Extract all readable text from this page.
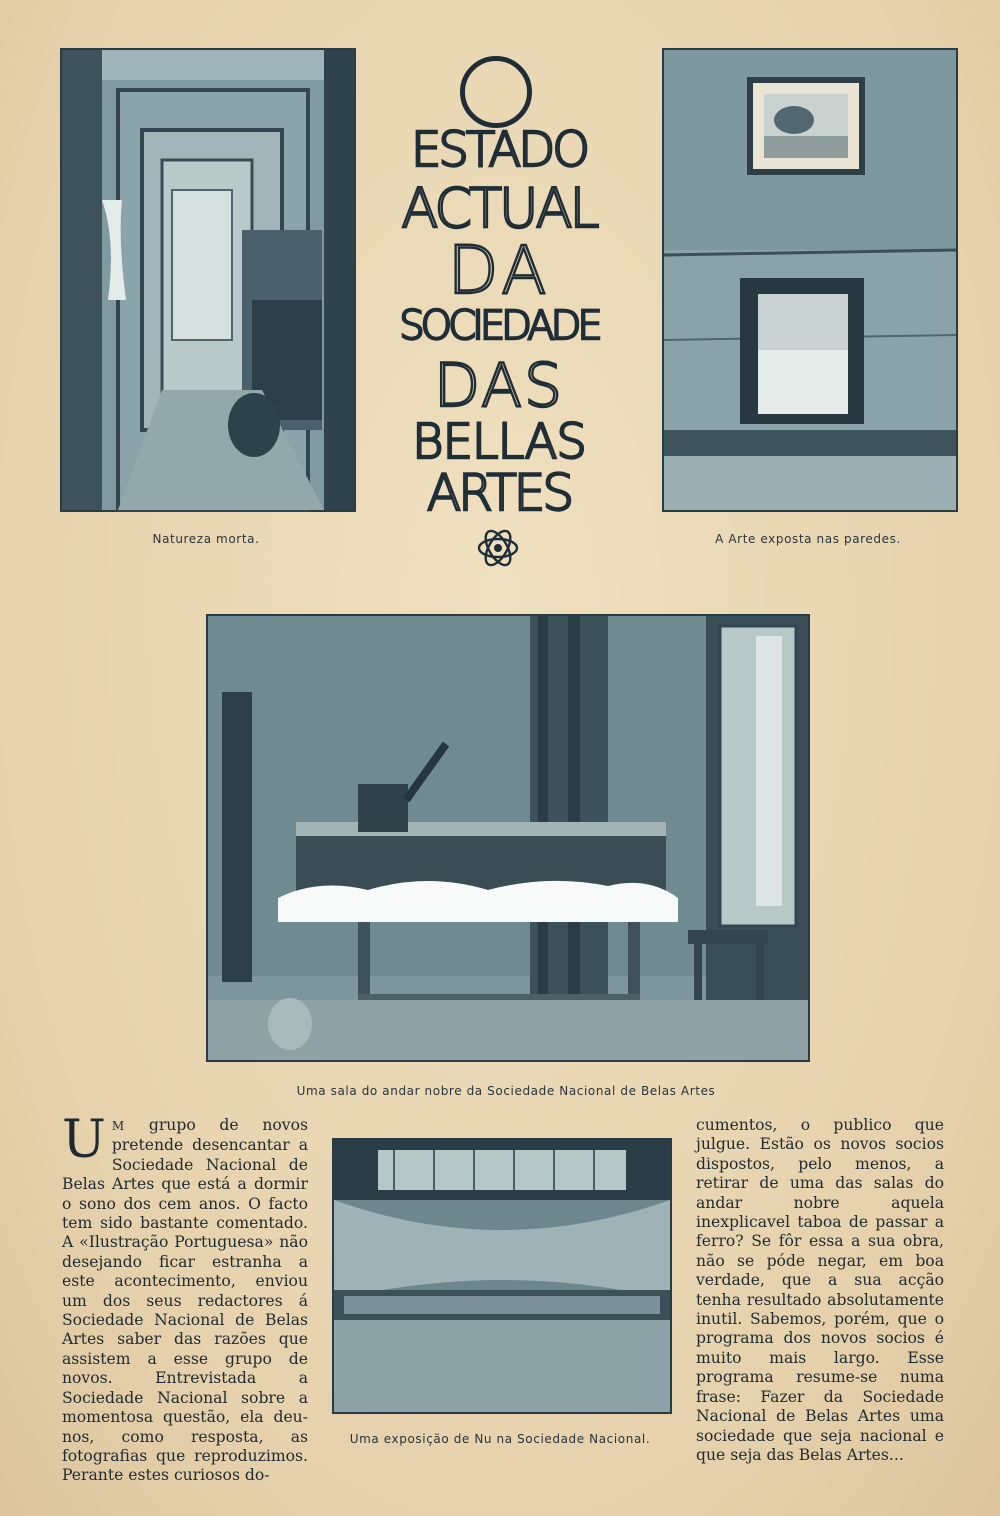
Natureza morta.
ESTADO
ACTUAL
DA
SOCIEDADE
DAS
BELLAS
ARTES
A Arte exposta nas paredes.
Uma sala do andar nobre da Sociedade Nacional de Belas Artes
U M grupo de novos pretende desencantar a Sociedade Nacional de Belas Artes que está a dormir o sono dos cem anos. O facto tem sido bastante comentado. A «Ilustração Portuguesa» não desejando ficar estranha a este acontecimento, enviou um dos seus redactores á Sociedade Nacional de Belas Artes saber das razões que assistem a esse grupo de novos. Entrevistada a Sociedade Nacional sobre a momentosa questão, ela deu-nos, como resposta, as fotografias que reproduzimos. Perante estes curiosos do-
Uma exposição de Nu na Sociedade Nacional.
cumentos, o publico que julgue. Estão os novos socios dispostos, pelo menos, a retirar de uma das salas do andar nobre aquela inexplicavel taboa de passar a ferro? Se fôr essa a sua obra, não se póde negar, em boa verdade, que a sua acção tenha resultado absolutamente inutil. Sabemos, porém, que o programa dos novos socios é muito mais largo. Esse programa resume-se numa frase: Fazer da Sociedade Nacional de Belas Artes uma sociedade que seja nacional e que seja das Belas Artes...
